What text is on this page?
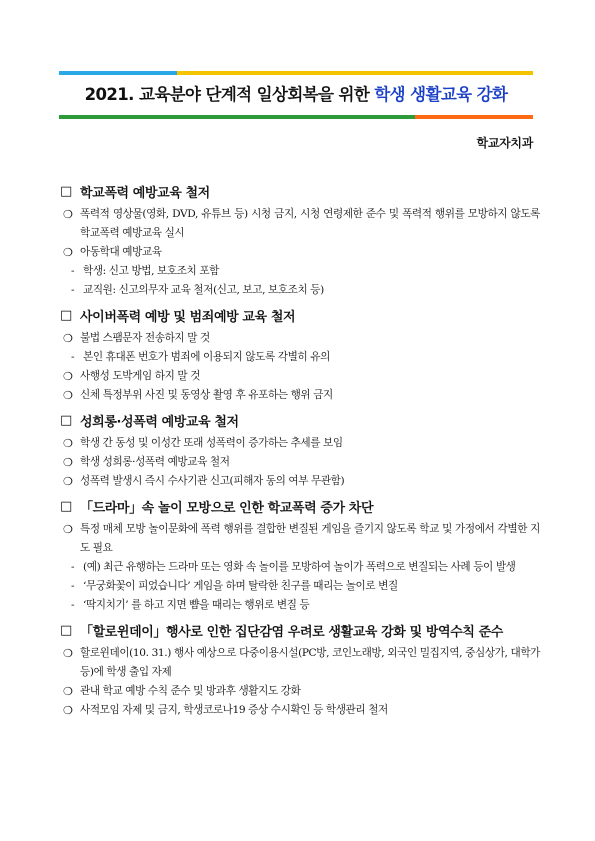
2021. 교육분야 단계적 일상회복을 위한 학생 생활교육 강화
학교자치과
□ 학교폭력 예방교육 철저
❍ 폭력적 영상물(영화, DVD, 유튜브 등) 시청 금지, 시청 연령제한 준수 및 폭력적 행위를 모방하지 않도록 학교폭력 예방교육 실시
❍ 아동학대 예방교육
- 학생: 신고 방법, 보호조치 포함
- 교직원: 신고의무자 교육 철저(신고, 보고, 보호조치 등)
□ 사이버폭력 예방 및 범죄예방 교육 철저
❍ 불법 스팸문자 전송하지 말 것
- 본인 휴대폰 번호가 범죄에 이용되지 않도록 각별히 유의
❍ 사행성 도박게임 하지 말 것
❍ 신체 특정부위 사진 및 동영상 촬영 후 유포하는 행위 금지
□ 성희롱·성폭력 예방교육 철저
❍ 학생 간 동성 및 이성간 또래 성폭력이 증가하는 추세를 보임
❍ 학생 성희롱·성폭력 예방교육 철저
❍ 성폭력 발생시 즉시 수사기관 신고(피해자 동의 여부 무관함)
□ 「드라마」속 놀이 모방으로 인한 학교폭력 증가 차단
❍ 특정 매체 모방 놀이문화에 폭력 행위를 결합한 변질된 게임을 즐기지 않도록 학교 및 가정에서 각별한 지도 필요
- (예) 최근 유행하는 드라마 또는 영화 속 놀이를 모방하여 놀이가 폭력으로 변질되는 사례 등이 발생
- ‘무궁화꽃이 피었습니다’ 게임을 하며 탈락한 친구를 때리는 놀이로 변질
- ‘딱지치기’ 를 하고 지면 뺨을 때리는 행위로 변질 등
□ 「할로윈데이」행사로 인한 집단감염 우려로 생활교육 강화 및 방역수칙 준수
❍ 할로윈데이(10. 31.) 행사 예상으로 다중이용시설(PC방, 코인노래방, 외국인 밀집지역, 중심상가, 대학가 등)에 학생 출입 자제
❍ 관내 학교 예방 수칙 준수 및 방과후 생활지도 강화
❍ 사적모임 자제 및 금지, 학생코로나19 증상 수시확인 등 학생관리 철저
